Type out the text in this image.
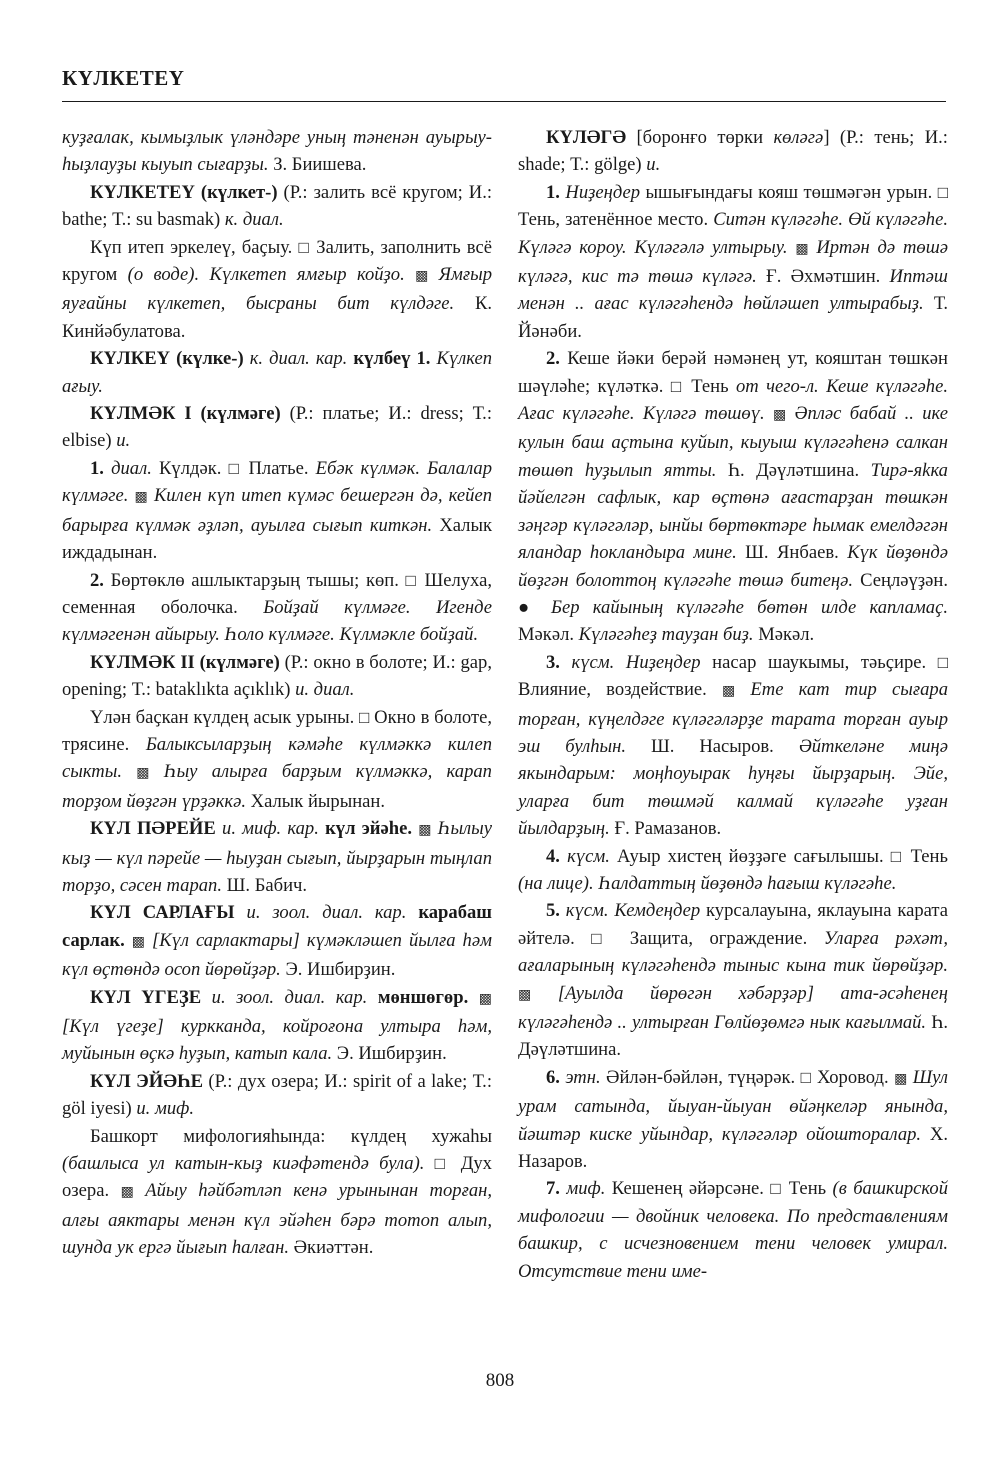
КҮЛКЕТЕҮ

куҙғалак, кымыҙлык үләндәре уның тәненән ауырыу-һыҙлауҙы кыуып сығарҙы. З. Биишева.

КҮЛКЕТЕҮ (күлкет-) (Р.: залить всё кругом; И.: bathe; Т.: su basmak) к. диал.

Күп итеп эркелеү, баҫыу. □ Залить, заполнить всё кругом (о воде). Күлкетеп ямғыр койҙо. ▩ Ямғыр яуғайны күлкетеп, бысраны бит күлдәге. К. Кинйәбулатова.

КҮЛКЕҮ (күлке-) к. диал. кар. күлбеү 1. Күлкеп ағыу.

КҮЛМӘК I (күлмәге) (Р.: платье; И.: dress; Т.: elbise) и.

1. диал. Күлдәк. □ Платье. Ебәк күлмәк. Балалар күлмәге. ▩ Килен күп итеп күмәс бешергән дә, кейеп барырға күлмәк әҙләп, ауылға сығып киткән. Халык иждадынан.

2. Бөртөклө ашлыктарҙың тышы; көп. □ Шелуха, семенная оболочка. Бойҙай күлмәге. Игенде күлмәгенән айырыу. Һоло күлмәге. Күлмәкле бойҙай.

КҮЛМӘК II (күлмәге) (Р.: окно в болоте; И.: gap, opening; Т.: bataklıkta açıklık) и. диал.

Үлән баҫкан күлдең асык урыны. □ Окно в болоте, трясине. Балыксыларҙың кәмәһе күлмәккә килеп сыкты. ▩ Һыу алырға барҙым күлмәккә, карап торҙом йөҙгән үрҙәккә. Халык йырынан.

КҮЛ ПӘРЕЙЕ и. миф. кар. күл эйәһе. ▩ Һылыу кыҙ — күл пәрейе — һыуҙан сығып, йырҙарын тыңлап торҙо, сәсен тарап. Ш. Бабич.

КҮЛ САРЛАҒЫ и. зоол. диал. кар. карабаш сарлак. ▩ [Күл сарлактары] күмәкләшеп йылға һәм күл өҫтөндә осоп йөрөйҙәр. Э. Ишбирҙин.

КҮЛ ҮГЕҘЕ и. зоол. диал. кар. мөншөгөр. ▩ [Күл үгеҙе] куркканда, койроғона ултыра һәм, муйынын өҫкә һуҙып, катып кала. Э. Ишбирҙин.

КҮЛ ЭЙӘҺЕ (Р.: дух озера; И.: spirit of a lake; Т.: göl iyesi) и. миф.

Башкорт мифологияһында: күлдең хужаһы (башлыса ул катын-кыҙ киәфәтендә була). □ Дух озера. ▩ Айыу һәйбәтләп кенә урынынан торған, алғы аяктары менән күл эйәһен бәрә тотоп алып, шунда ук ергә йығып һалған. Әкиәттән.

КҮЛӘГӘ [боронғо төрки көләгә] (Р.: тень; И.: shade; Т.: gölge) и.

1. Ниҙеңдер ышығындағы кояш төшмәгән урын. □ Тень, затенённое место. Ситән күләгәһе. Өй күләгәһе. Күләгә короу. Күләгәлә ултырыу. ▩ Иртән дә төшә күләгә, кис тә төшә күләгә. Ғ. Әхмәтшин. Иптәш менән .. ағас күләгәһендә һөйләшеп ултырабыҙ. Т. Йәнәби.

2. Кеше йәки берәй нәмәнең ут, кояштан төшкән шәүләһе; күләткә. □ Тень от чего-л. Кеше күләгәһе. Ағас күләгәһе. Күләгә төшөү. ▩ Әпләс бабай .. ике кулын баш аҫтына куйып, кыуыш күләгәһенә салкан төшөп һуҙылып ятты. Һ. Дәүләтшина. Тирә-яkка йәйелгән сафлык, кар өҫтөнә ағастарҙан төшкән зәңгәр күләгәләр, ынйы бөртөктәре һымак емелдәгән яландар һокландыра мине. Ш. Янбаев. Күк йөҙөндә йөҙгән болоттоң күләгәһе төшә битеңә. Сеңләүҙән. ● Бер кайының күләгәһе бөтөн илде капламаҫ. Мәкәл. Күләгәһеҙ тауҙан биҙ. Мәкәл.

3. күсм. Ниҙеңдер насар шаукымы, тәьҫире. □ Влияние, воздействие. ▩ Ете кат тир сығара торған, күңелдәге күләгәләрҙе тарата торған ауыр эш булһын. Ш. Насыров. Әйткеләне миңә якындарым: моңһоуырак һуңғы йырҙарың. Эйе, уларға бит төшмәй калмай күләгәһе уҙған йылдарҙың. Ғ. Рамазанов.

4. күсм. Ауыр хистең йөҙҙәге сағылышы. □ Тень (на лице). Һалдаттың йөҙөндә һағыш күләгәһе.

5. күсм. Кемдеңдер курсалауына, яклауына карата әйтелә. □ Защита, ограждение. Уларға рәхәт, ағаларының күләгәһендә тыныс кына тик йөрөйҙәр. ▩ [Ауылда йөрөгән хәбәрҙәр] ата-әсәһенең күләгәһендә .. ултырған Гөлйөҙөмгә нык кағылмай. Һ. Дәүләтшина.

6. этн. Әйлән-бәйлән, түңәрәк. □ Хоровод. ▩ Шул урам сатында, йыуан-йыуан өйәңкеләр янында, йәштәр киске уйындар, күләгәләр ойошторалар. Х. Назаров.

7. миф. Кешенең әйәрсәне. □ Тень (в башкирской мифологии — двойник человека. По представлениям башкир, с исчезновением тени человек умирал. Отсутствие тени име-

808
